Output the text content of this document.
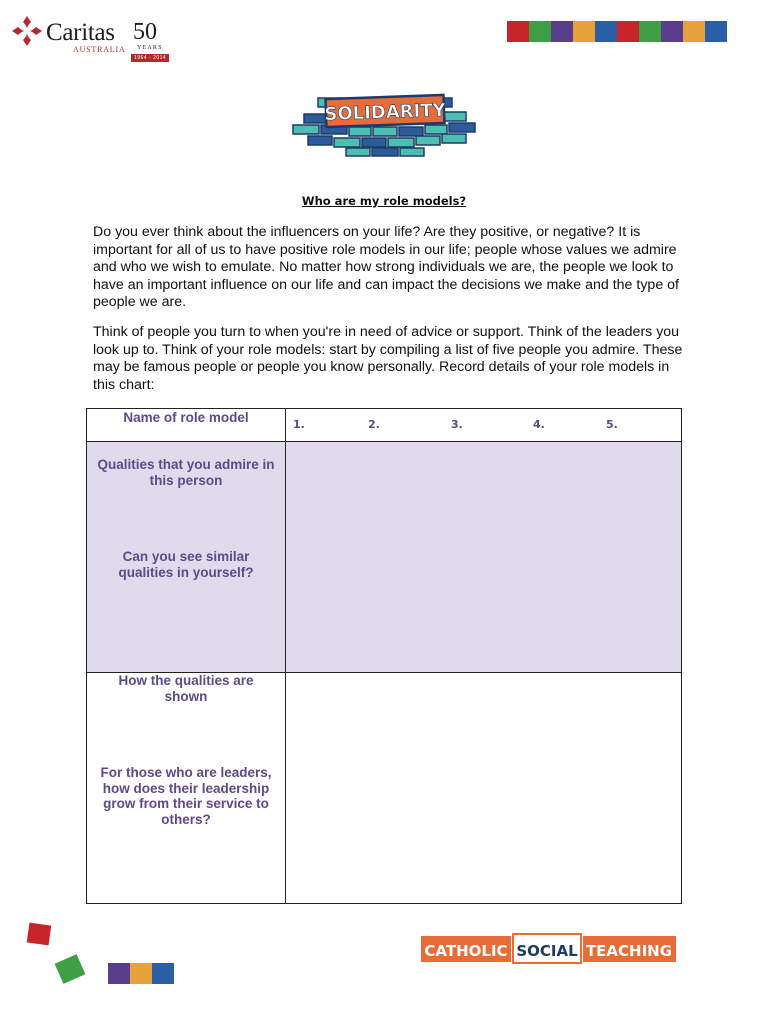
Caritas
AUSTRALIA
50
YEARS
1964 - 2014
SOLIDARITY
Who are my role models?
Do you ever think about the influencers on your life? Are they positive, or negative? It is important for all of us to have positive role models in our life; people whose values we admire and who we wish to emulate. No matter how strong individuals we are, the people we look to have an important influence on our life and can impact the decisions we make and the type of people we are.
Think of people you turn to when you're in need of advice or support. Think of the leaders you look up to. Think of your role models: start by compiling a list of five people you admire. These may be famous people or people you know personally. Record details of your role models in this chart:
Name of role model	1.	2.	3.	4.	5.
Qualities that you admire in this person
Can you see similar qualities in yourself?
How the qualities are shown
For those who are leaders, how does their leadership grow from their service to others?
CATHOLIC SOCIAL TEACHING
